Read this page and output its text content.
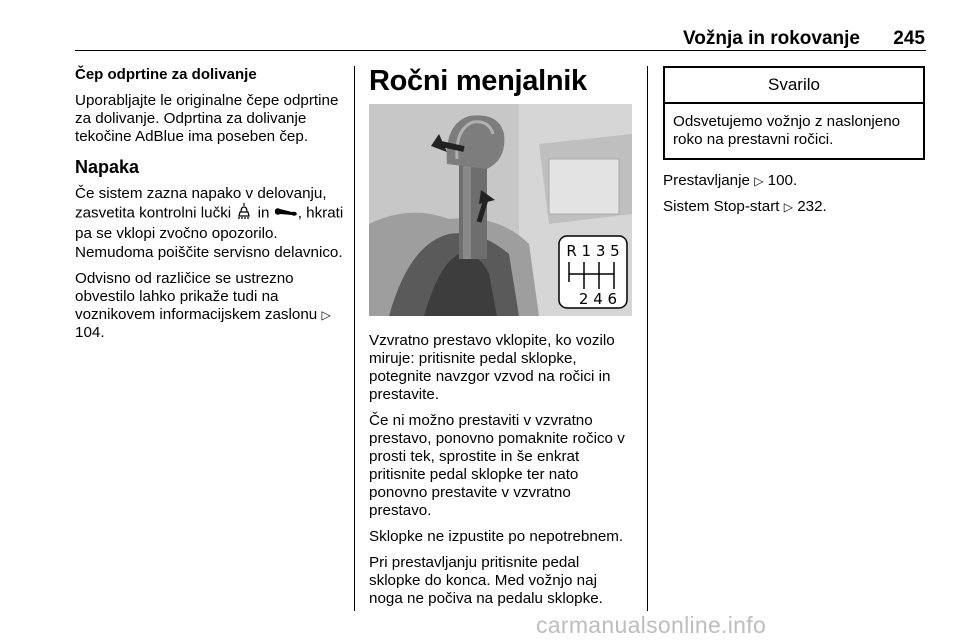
Vožnja in rokovanje 245

Čep odprtine za dolivanje

Uporabljajte le originalne čepe odprtine za dolivanje. Odprtina za dolivanje tekočine AdBlue ima poseben čep.

Napaka

Če sistem zazna napako v delovanju, zasvetita kontrolni lučki in , hkrati pa se vklopi zvočno opozorilo. Nemudoma poiščite servisno delavnico.

Odvisno od različice se ustrezno obvestilo lahko prikaže tudi na voznikovem informacijskem zaslonu ▷ 104.

Ročni menjalnik

R 1 3 5
2 4 6

Vzvratno prestavo vklopite, ko vozilo miruje: pritisnite pedal sklopke, potegnite navzgor vzvod na ročici in prestavite.

Če ni možno prestaviti v vzvratno prestavo, ponovno pomaknite ročico v prosti tek, sprostite in še enkrat pritisnite pedal sklopke ter nato ponovno prestavite v vzvratno prestavo.

Sklopke ne izpustite po nepotrebnem.

Pri prestavljanju pritisnite pedal sklopke do konca. Med vožnjo naj noga ne počiva na pedalu sklopke.

Svarilo
Odsvetujemo vožnjo z naslonjeno roko na prestavni ročici.

Prestavljanje ▷ 100.

Sistem Stop-start ▷ 232.

carmanualsonline.info
